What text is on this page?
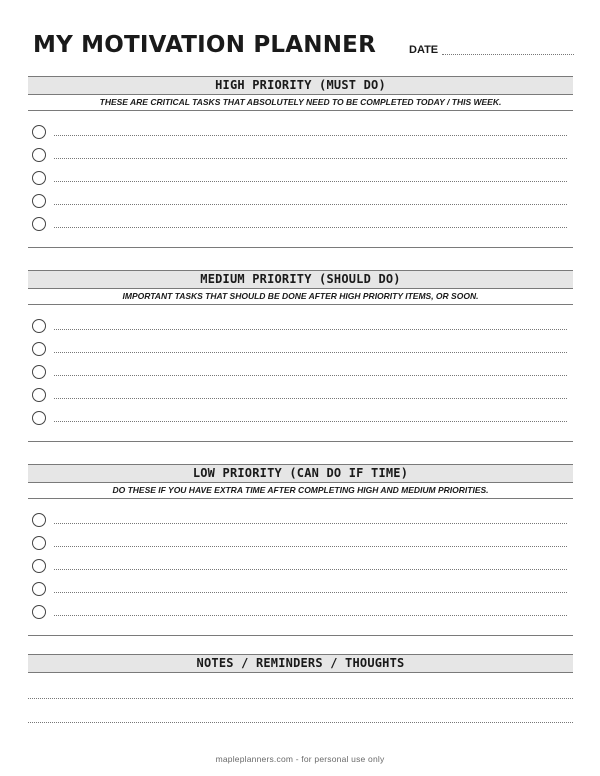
MY MOTIVATION PLANNER	DATE
HIGH PRIORITY (MUST DO)
THESE ARE CRITICAL TASKS THAT ABSOLUTELY NEED TO BE COMPLETED TODAY / THIS WEEK.
MEDIUM PRIORITY (SHOULD DO)
IMPORTANT TASKS THAT SHOULD BE DONE AFTER HIGH PRIORITY ITEMS, OR SOON.
LOW PRIORITY (CAN DO IF TIME)
DO THESE IF YOU HAVE EXTRA TIME AFTER COMPLETING HIGH AND MEDIUM PRIORITIES.
NOTES / REMINDERS / THOUGHTS
mapleplanners.com - for personal use only
